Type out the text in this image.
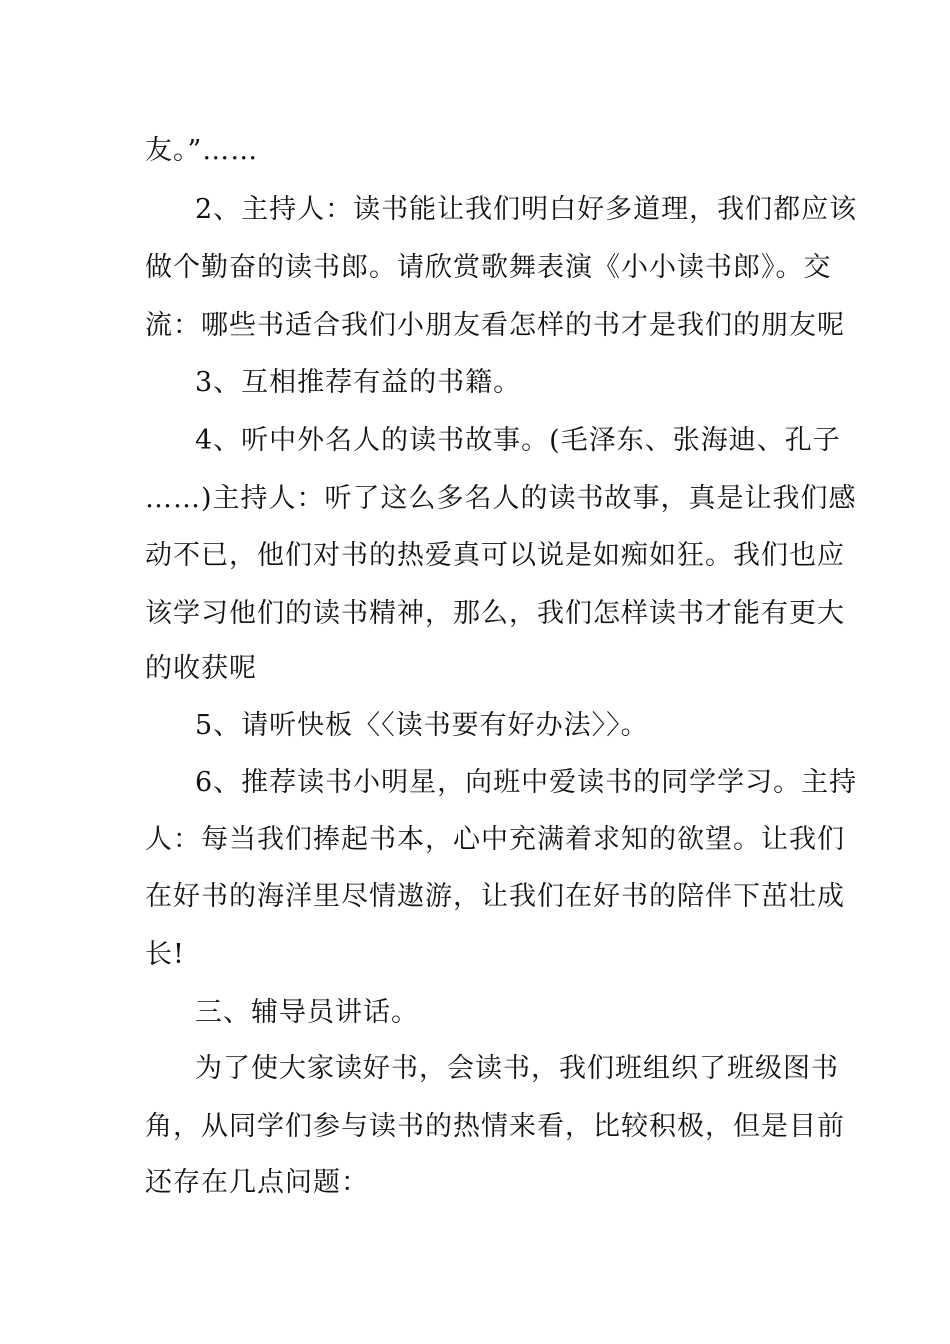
友。”……
2、主持人：读书能让我们明白好多道理，我们都应该
做个勤奋的读书郎。请欣赏歌舞表演《小小读书郎》。交
流：哪些书适合我们小朋友看怎样的书才是我们的朋友呢
3、互相推荐有益的书籍。
4、听中外名人的读书故事。(毛泽东、张海迪、孔子
……)主持人：听了这么多名人的读书故事，真是让我们感
动不已，他们对书的热爱真可以说是如痴如狂。我们也应
该学习他们的读书精神，那么，我们怎样读书才能有更大
的收获呢
5、请听快板〈〈读书要有好办法〉〉。
6、推荐读书小明星，向班中爱读书的同学学习。主持
人：每当我们捧起书本，心中充满着求知的欲望。让我们
在好书的海洋里尽情遨游，让我们在好书的陪伴下茁壮成
长!
三、辅导员讲话。
为了使大家读好书，会读书，我们班组织了班级图书
角，从同学们参与读书的热情来看，比较积极，但是目前
还存在几点问题：
